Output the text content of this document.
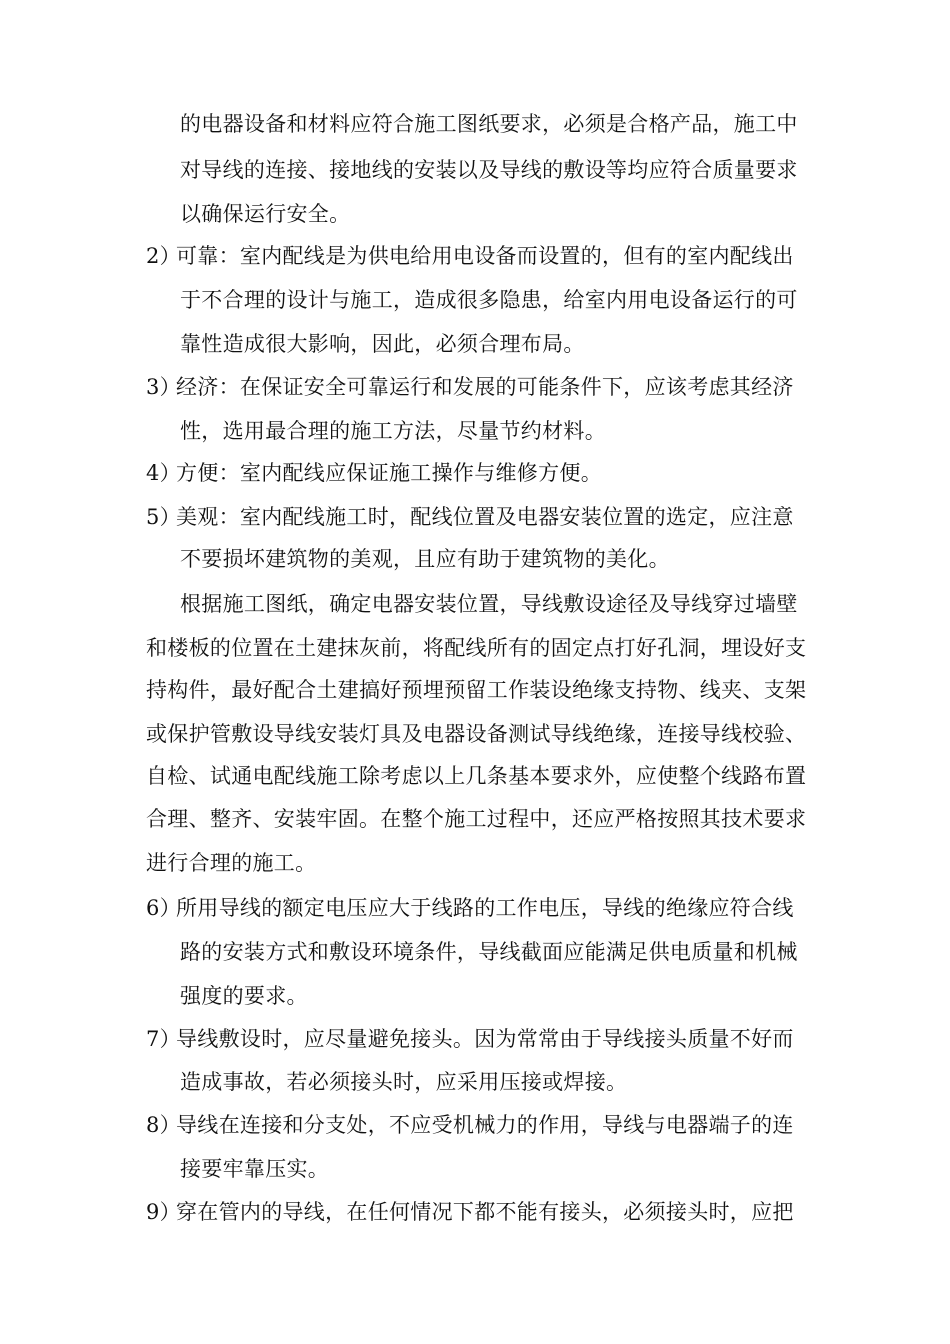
的电器设备和材料应符合施工图纸要求，必须是合格产品，施工中
对导线的连接、接地线的安装以及导线的敷设等均应符合质量要求
以确保运行安全。
2）可靠：室内配线是为供电给用电设备而设置的，但有的室内配线出
于不合理的设计与施工，造成很多隐患，给室内用电设备运行的可
靠性造成很大影响，因此，必须合理布局。
3）经济：在保证安全可靠运行和发展的可能条件下，应该考虑其经济
性，选用最合理的施工方法，尽量节约材料。
4）方便：室内配线应保证施工操作与维修方便。
5）美观：室内配线施工时，配线位置及电器安装位置的选定，应注意
不要损坏建筑物的美观，且应有助于建筑物的美化。
根据施工图纸，确定电器安装位置，导线敷设途径及导线穿过墙壁
和楼板的位置在土建抹灰前，将配线所有的固定点打好孔洞，埋设好支
持构件，最好配合土建搞好预埋预留工作装设绝缘支持物、线夹、支架
或保护管敷设导线安装灯具及电器设备测试导线绝缘，连接导线校验、
自检、试通电配线施工除考虑以上几条基本要求外，应使整个线路布置
合理、整齐、安装牢固。在整个施工过程中，还应严格按照其技术要求
进行合理的施工。
6）所用导线的额定电压应大于线路的工作电压，导线的绝缘应符合线
路的安装方式和敷设环境条件，导线截面应能满足供电质量和机械
强度的要求。
7）导线敷设时，应尽量避免接头。因为常常由于导线接头质量不好而
造成事故，若必须接头时，应采用压接或焊接。
8）导线在连接和分支处，不应受机械力的作用，导线与电器端子的连
接要牢靠压实。
9）穿在管内的导线，在任何情况下都不能有接头，必须接头时，应把
